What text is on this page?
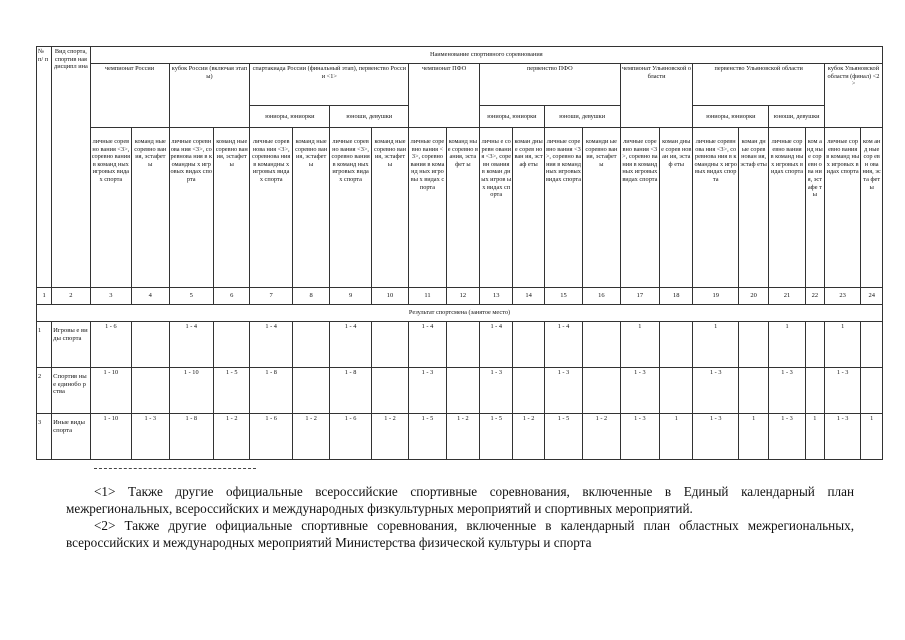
№ п/ п	Вид спорта, спортив ная дисципл ина	Наименование спортивного соревнования																					
		чемпионат России		кубок России (включая этапы)		спартакиада России (финальный этап), первенство России <1>				чемпионат ПФО		первенство ПФО				чемпионат Ульяновской области		первенство Ульяновской области				кубок Ульяновской области (финал) <2>	
						юниоры, юниорки		юноши, девушки				юниоры, юниорки		юноши, девушки				юниоры, юниорки		юноши, девушки			
		личные соревно вания <3>, соревно вания в команд ных игровых видах спорта	команд ные соревно вания, эстафет ы	личные соревнова ния <3>, соревнова ния в командны х игровых видах спорта	команд ные соревно вания, эстафет ы	личные соревнова ния <3>, соревнова ния в командны х игровых видах спорта	команд ные соревно вания, эстафет ы	личные соревно вания <3>, соревно вания в команд ных игровых видах спорта	команд ные соревно вания, эстафет ы	личные соревно вания <3>, соревно вания в команд ных игровы х видах спорта	команд ные соревно вания, эстафет ы	личны е соревн ования <3>, соревн ования в коман дных игров ых видах спорта	коман дные сорев нован ия, эстаф еты	личные соревно вания <3>, соревно вания в команд ных игровых видах спорта	команди ые соревно вания, эстафет ы	личные соревно вания <3>, соревно вания в команд ных игровых видах спорта	коман дные сорев нован ия, эстаф еты	личные соревнова ния <3>, соревнова ния в командны х игровых видах спорта	коман дные сорев нован ия, эстаф еты	личные соревно вания в команд ных игровых видах спорта	ком анд ные сор евн ова ния, эст афе ты	личные соревно вания в команд ных игровых видах спорта	ком анд ные сор евн ова ния, эста фет ы
1	2	3	4	5	6	7	8	9	10	11	12	13	14	15	16	17	18	19	20	21	22	23	24
Результат спортсмена (занятое место)																							
1	Игровы е виды спорта	1 - 6		1 - 4		1 - 4		1 - 4		1 - 4		1 - 4		1 - 4		1		1		1		1	
2	Спортив ные единобо рства	1 - 10		1 - 10	1 - 5	1 - 8		1 - 8		1 - 3		1 - 3		1 - 3		1 - 3		1 - 3		1 - 3		1 - 3	
3	Иные виды спорта	1 - 10	1 - 3	1 - 8	1 - 2	1 - 6	1 - 2	1 - 6	1 - 2	1 - 5	1 - 2	1 - 5	1 - 2	1 - 5	1 - 2	1 - 3	1	1 - 3	1	1 - 3	1	1 - 3	1

<1> Также другие официальные всероссийские спортивные соревнования, включенные в Единый календарный план межрегиональных, всероссийских и международных физкультурных мероприятий и спортивных мероприятий.

<2> Также другие официальные спортивные соревнования, включенные в календарный план областных межрегиональных, всероссийских и международных мероприятий Министерства физической культуры и спорта
